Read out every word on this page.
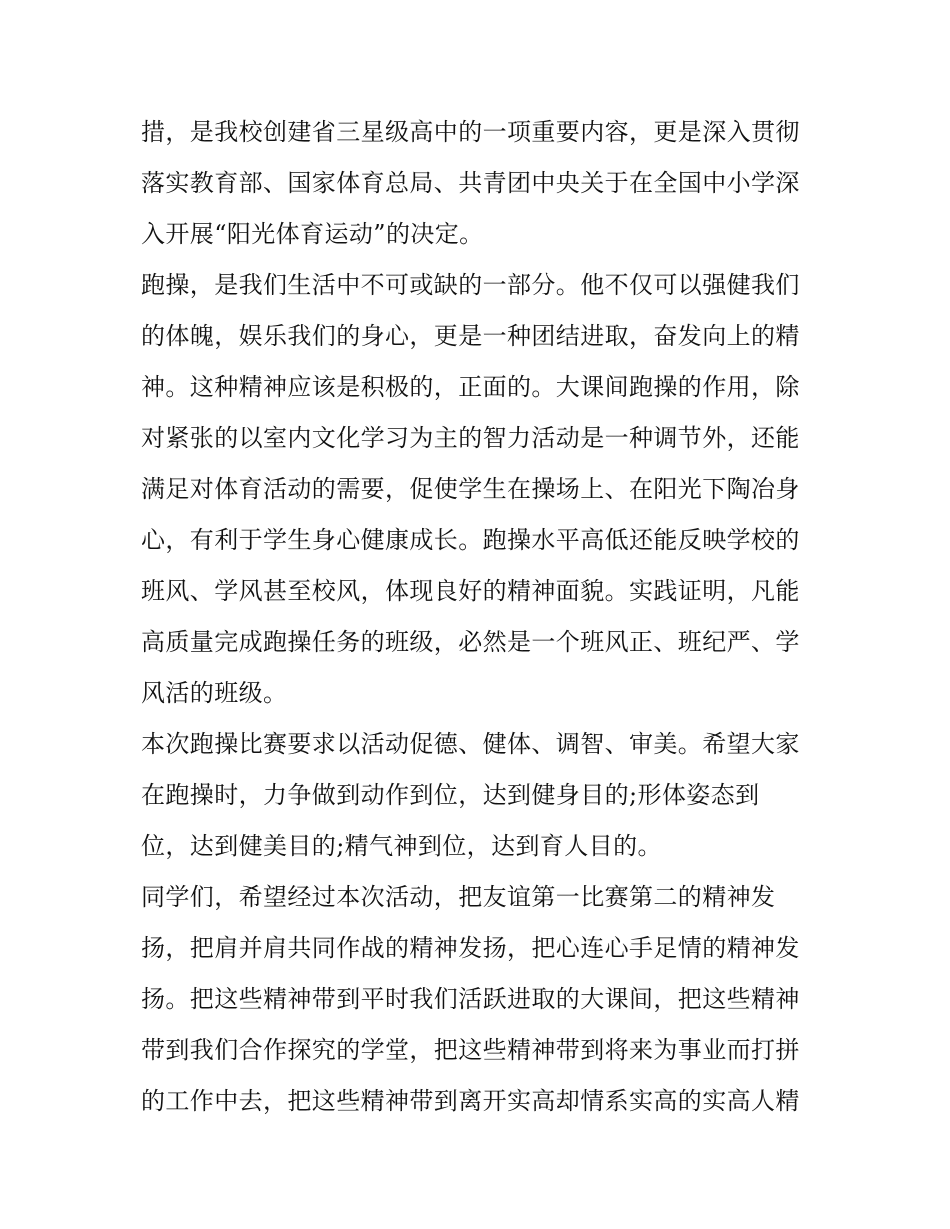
措，是我校创建省三星级高中的一项重要内容，更是深入贯彻
落实教育部、国家体育总局、共青团中央关于在全国中小学深
入开展“阳光体育运动”的决定。
跑操，是我们生活中不可或缺的一部分。他不仅可以强健我们
的体魄，娱乐我们的身心，更是一种团结进取，奋发向上的精
神。这种精神应该是积极的，正面的。大课间跑操的作用，除
对紧张的以室内文化学习为主的智力活动是一种调节外，还能
满足对体育活动的需要，促使学生在操场上、在阳光下陶冶身
心，有利于学生身心健康成长。跑操水平高低还能反映学校的
班风、学风甚至校风，体现良好的精神面貌。实践证明，凡能
高质量完成跑操任务的班级，必然是一个班风正、班纪严、学
风活的班级。
本次跑操比赛要求以活动促德、健体、调智、审美。希望大家
在跑操时，力争做到动作到位，达到健身目的;形体姿态到
位，达到健美目的;精气神到位，达到育人目的。
同学们，希望经过本次活动，把友谊第一比赛第二的精神发
扬，把肩并肩共同作战的精神发扬，把心连心手足情的精神发
扬。把这些精神带到平时我们活跃进取的大课间，把这些精神
带到我们合作探究的学堂，把这些精神带到将来为事业而打拼
的工作中去，把这些精神带到离开实高却情系实高的实高人精
